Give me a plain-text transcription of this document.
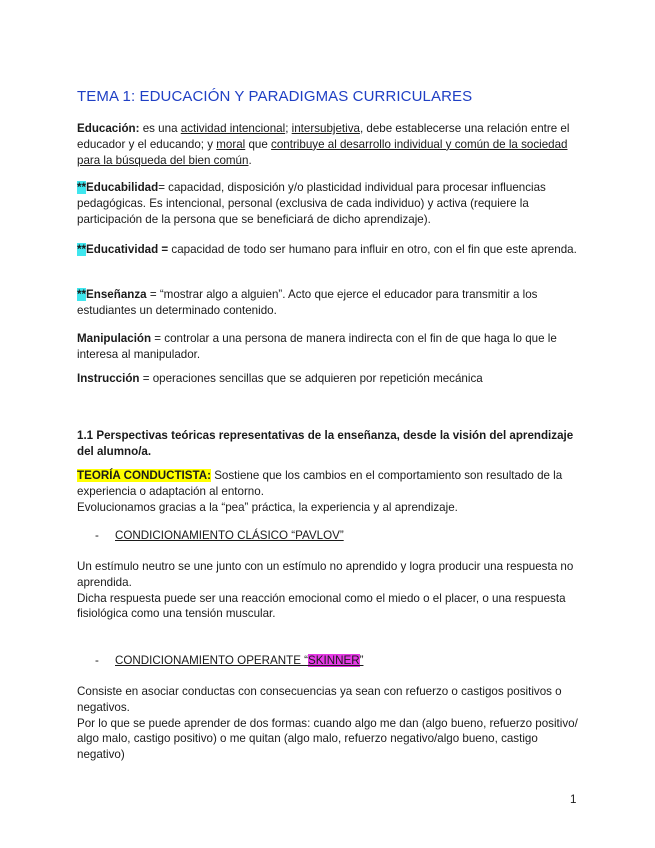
TEMA 1: EDUCACIÓN Y PARADIGMAS CURRICULARES
Educación: es una actividad intencional; intersubjetiva, debe establecerse una relación entre el educador y el educando; y moral que contribuye al desarrollo individual y común de la sociedad para la búsqueda del bien común.
**Educabilidad= capacidad, disposición y/o plasticidad individual para procesar influencias pedagógicas. Es intencional, personal (exclusiva de cada individuo) y activa (requiere la participación de la persona que se beneficiará de dicho aprendizaje).
**Educatividad = capacidad de todo ser humano para influir en otro, con el fin que este aprenda.
**Enseñanza = “mostrar algo a alguien”. Acto que ejerce el educador para transmitir a los estudiantes un determinado contenido.
Manipulación = controlar a una persona de manera indirecta con el fin de que haga lo que le interesa al manipulador.
Instrucción = operaciones sencillas que se adquieren por repetición mecánica
1.1 Perspectivas teóricas representativas de la enseñanza, desde la visión del aprendizaje del alumno/a.

TEORÍA CONDUCTISTA: Sostiene que los cambios en el comportamiento son resultado de la experiencia o adaptación al entorno.

Evolucionamos gracias a la “pea” práctica, la experiencia y al aprendizaje.

- CONDICIONAMIENTO CLÁSICO “PAVLOV”

Un estímulo neutro se une junto con un estímulo no aprendido y logra producir una respuesta no aprendida.

Dicha respuesta puede ser una reacción emocional como el miedo o el placer, o una respuesta fisiológica como una tensión muscular.

- CONDICIONAMIENTO OPERANTE “SKINNER”

Consiste en asociar conductas con consecuencias ya sean con refuerzo o castigos positivos o negativos.

Por lo que se puede aprender de dos formas: cuando algo me dan (algo bueno, refuerzo positivo/ algo malo, castigo positivo) o me quitan (algo malo, refuerzo negativo/algo bueno, castigo negativo)

1
